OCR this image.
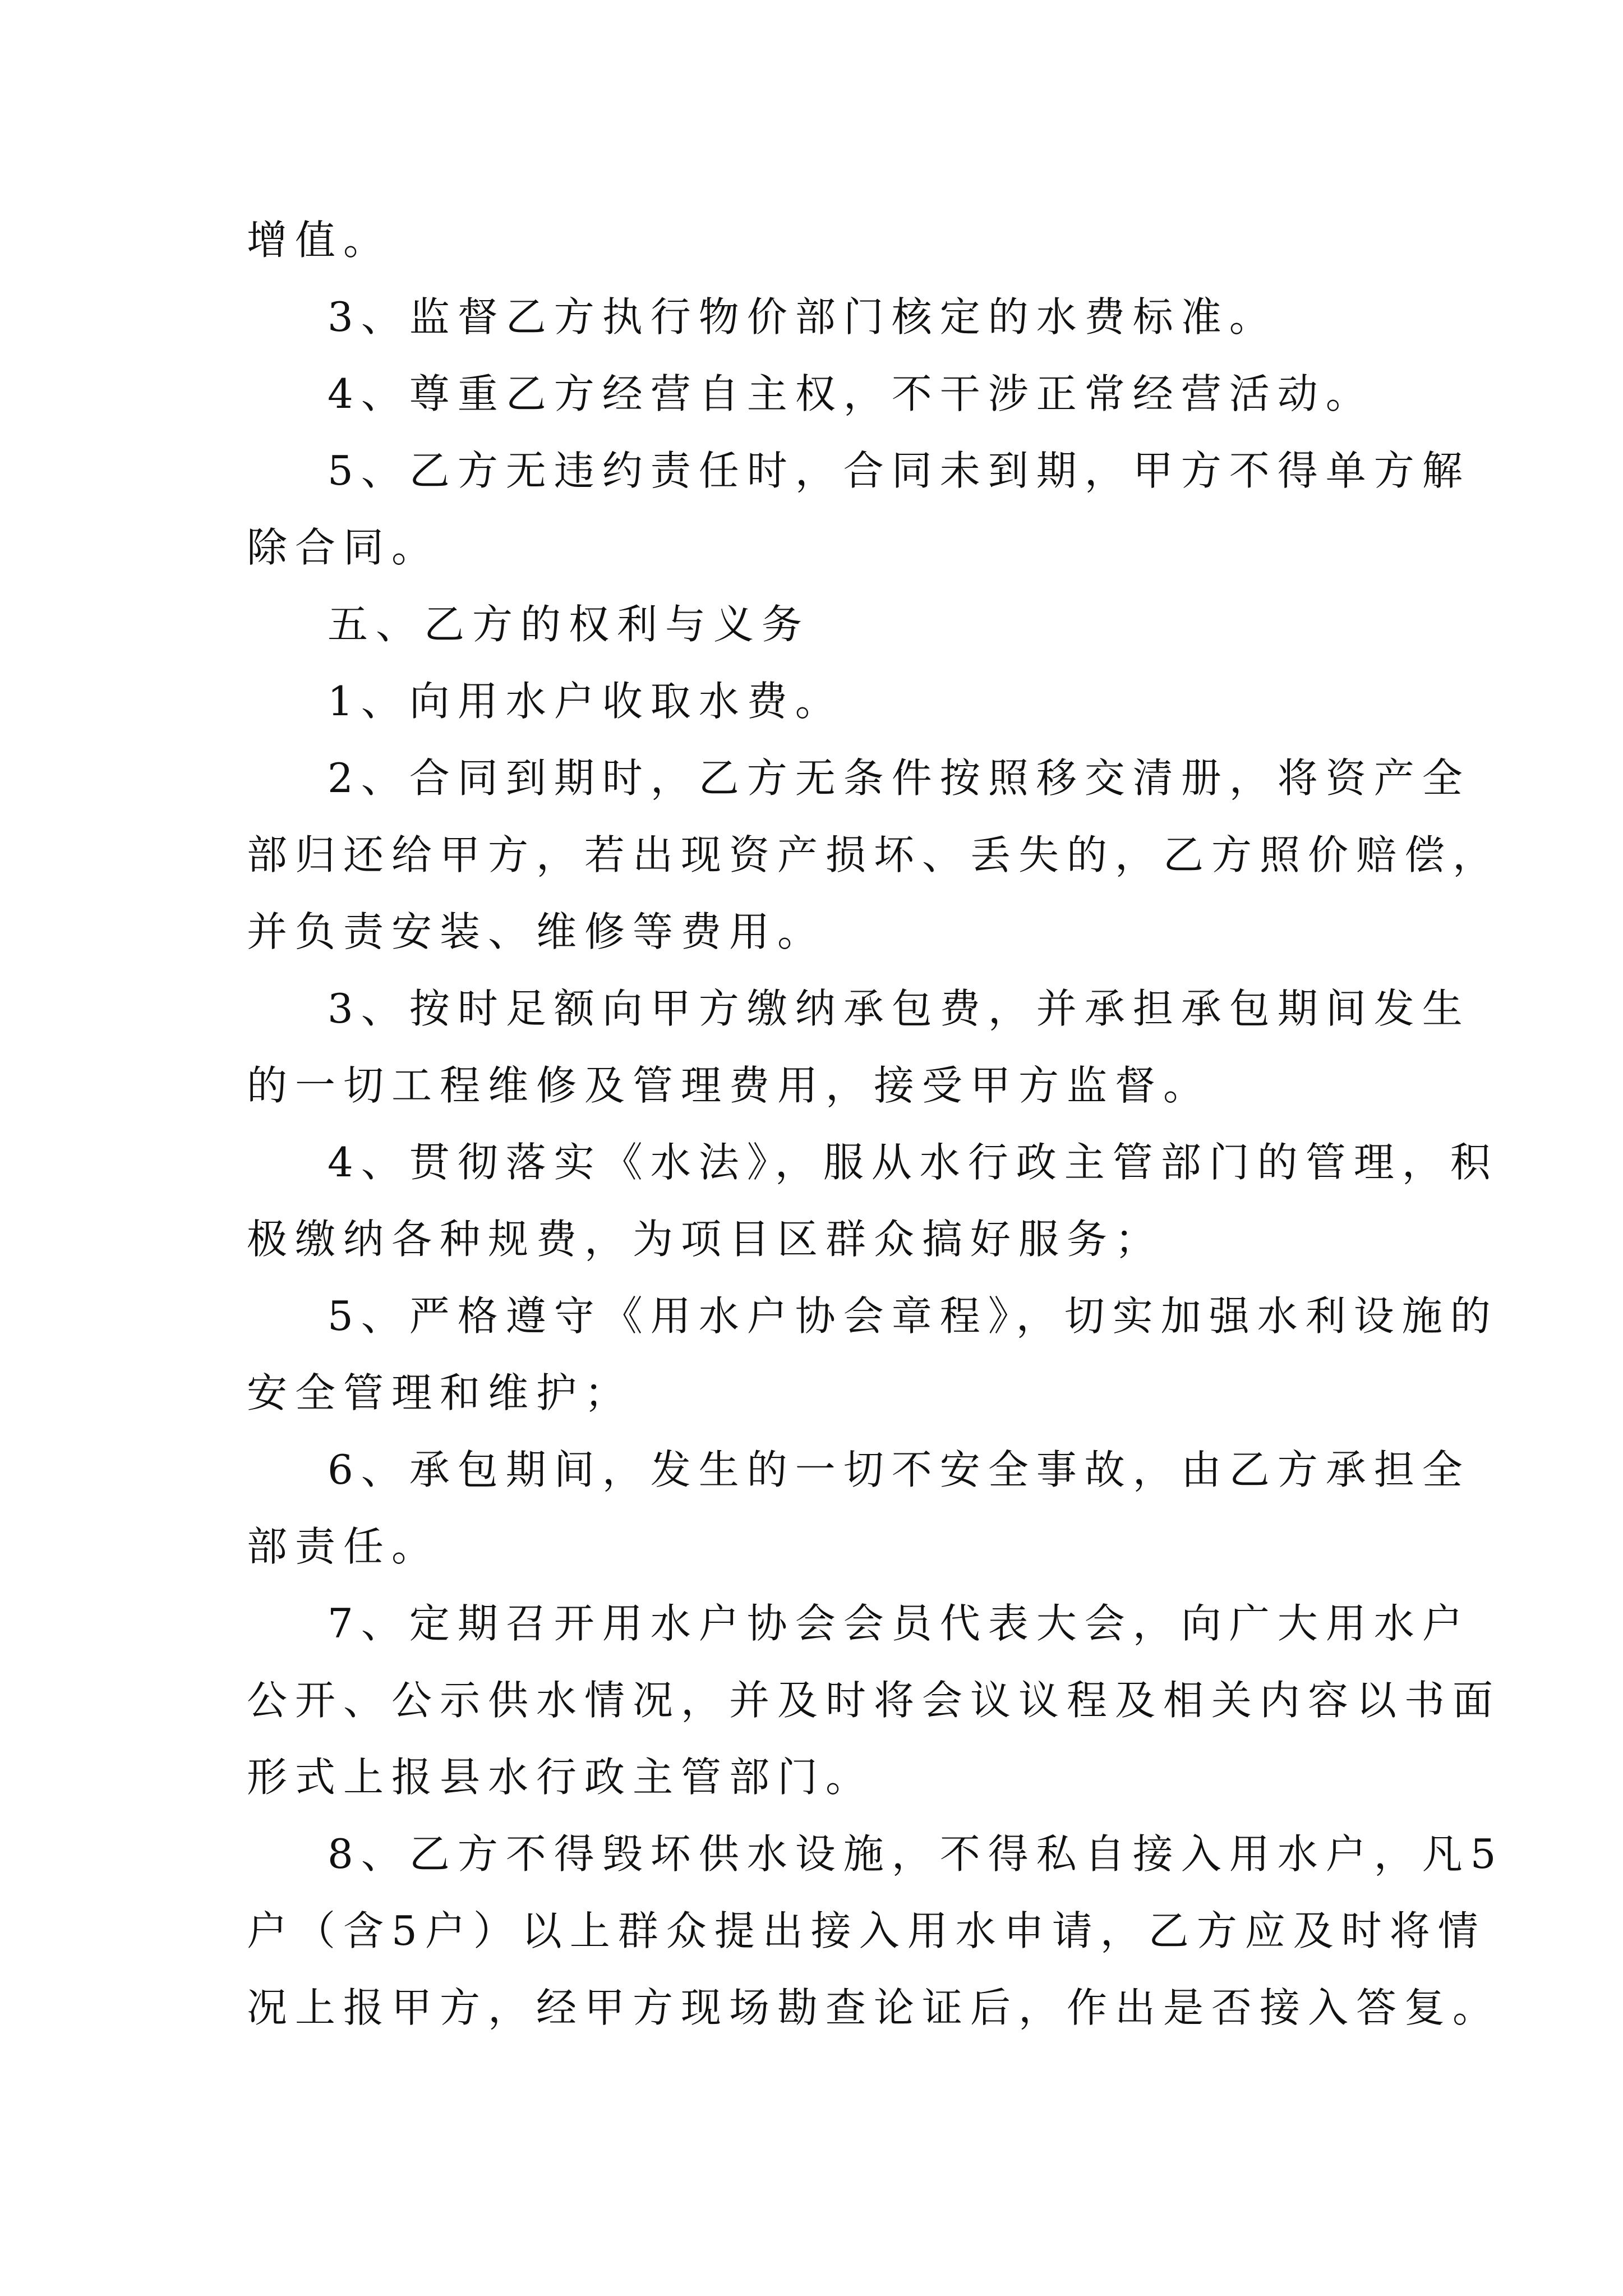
增值。
3、监督乙方执行物价部门核定的水费标准。
4、尊重乙方经营自主权，不干涉正常经营活动。
5、乙方无违约责任时，合同未到期，甲方不得单方解
除合同。
五、乙方的权利与义务
1、向用水户收取水费。
2、合同到期时，乙方无条件按照移交清册，将资产全
部归还给甲方，若出现资产损坏、丢失的，乙方照价赔偿，
并负责安装、维修等费用。
3、按时足额向甲方缴纳承包费，并承担承包期间发生
的一切工程维修及管理费用，接受甲方监督。
4、贯彻落实《水法》，服从水行政主管部门的管理，积
极缴纳各种规费，为项目区群众搞好服务；
5、严格遵守《用水户协会章程》，切实加强水利设施的
安全管理和维护；
6、承包期间，发生的一切不安全事故，由乙方承担全
部责任。
7、定期召开用水户协会会员代表大会，向广大用水户
公开、公示供水情况，并及时将会议议程及相关内容以书面
形式上报县水行政主管部门。
8、乙方不得毁坏供水设施，不得私自接入用水户，凡5
户（含5户）以上群众提出接入用水申请，乙方应及时将情
况上报甲方，经甲方现场勘查论证后，作出是否接入答复。
